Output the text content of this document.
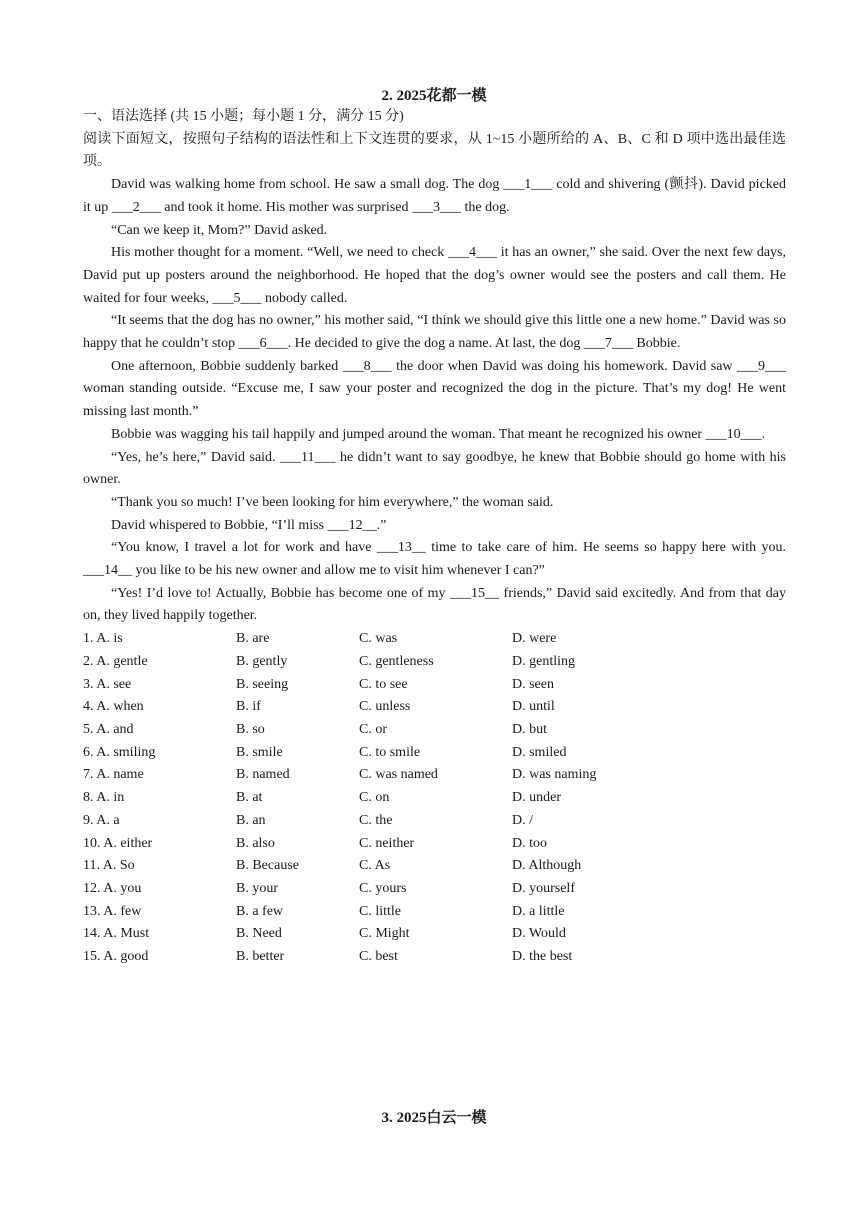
2. 2025花都一模

一、语法选择 (共 15 小题；每小题 1 分，满分 15 分)

阅读下面短文，按照句子结构的语法性和上下文连贯的要求，从 1~15 小题所给的 A、B、C 和 D 项中选出最佳选项。

David was walking home from school. He saw a small dog. The dog ___1___ cold and shivering (颤抖). David picked it up ___2___ and took it home. His mother was surprised ___3___ the dog.

“Can we keep it, Mom?” David asked.

His mother thought for a moment. “Well, we need to check ___4___ it has an owner,” she said. Over the next few days, David put up posters around the neighborhood. He hoped that the dog’s owner would see the posters and call them. He waited for four weeks, ___5___ nobody called.

“It seems that the dog has no owner,” his mother said, “I think we should give this little one a new home.” David was so happy that he couldn’t stop ___6___. He decided to give the dog a name. At last, the dog ___7___ Bobbie.

One afternoon, Bobbie suddenly barked ___8___ the door when David was doing his homework. David saw ___9___ woman standing outside. “Excuse me, I saw your poster and recognized the dog in the picture. That’s my dog! He went missing last month.”

Bobbie was wagging his tail happily and jumped around the woman. That meant he recognized his owner ___10___.

“Yes, he’s here,” David said. ___11___ he didn’t want to say goodbye, he knew that Bobbie should go home with his owner.

“Thank you so much! I’ve been looking for him everywhere,” the woman said.

David whispered to Bobbie, “I’ll miss ___12__.”

“You know, I travel a lot for work and have ___13__ time to take care of him. He seems so happy here with you. ___14__ you like to be his new owner and allow me to visit him whenever I can?”

“Yes! I’d love to! Actually, Bobbie has become one of my ___15__ friends,” David said excitedly. And from that day on, they lived happily together.

1. A. is	B. are	C. was	D. were
2. A. gentle	B. gently	C. gentleness	D. gentling
3. A. see	B. seeing	C. to see	D. seen
4. A. when	B. if	C. unless	D. until
5. A. and	B. so	C. or	D. but
6. A. smiling	B. smile	C. to smile	D. smiled
7. A. name	B. named	C. was named	D. was naming
8. A. in	B. at	C. on	D. under
9. A. a	B. an	C. the	D. /
10. A. either	B. also	C. neither	D. too
11. A. So	B. Because	C. As	D. Although
12. A. you	B. your	C. yours	D. yourself
13. A. few	B. a few	C. little	D. a little
14. A. Must	B. Need	C. Might	D. Would
15. A. good	B. better	C. best	D. the best
3. 2025白云一模
